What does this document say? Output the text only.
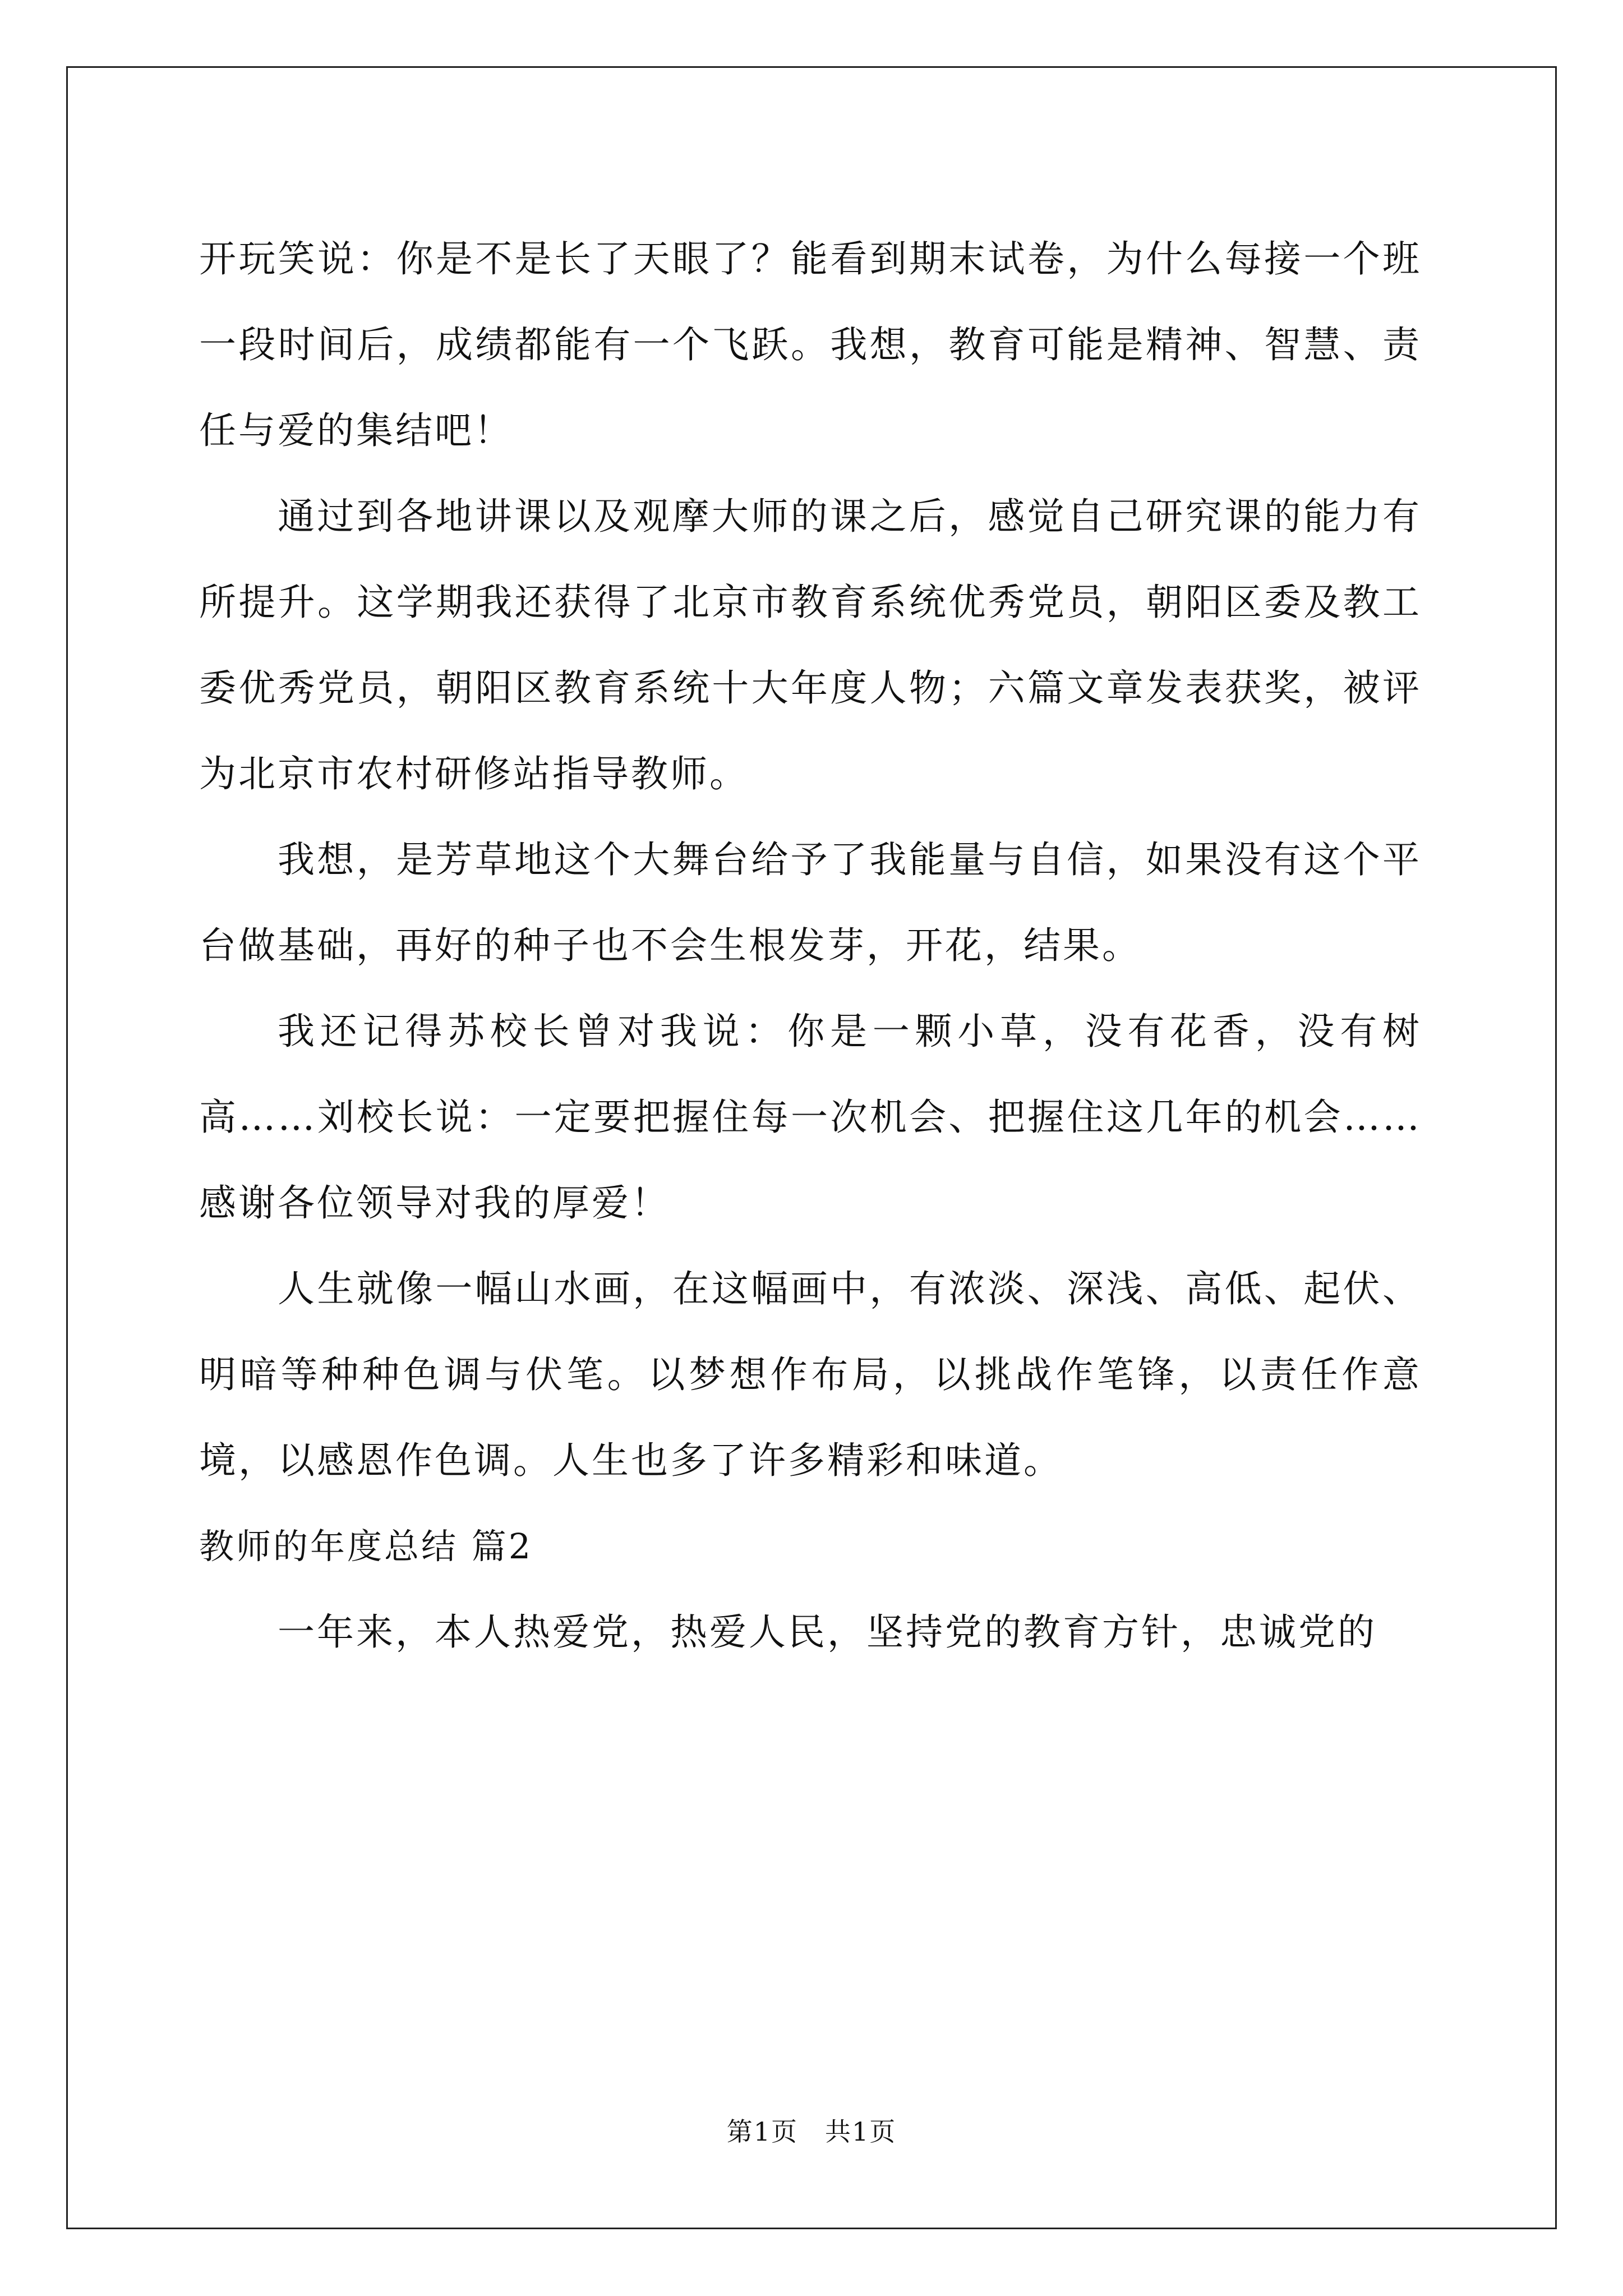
开玩笑说：你是不是长了天眼了？能看到期末试卷，为什么每接一个班一段时间后，成绩都能有一个飞跃。我想，教育可能是精神、智慧、责任与爱的集结吧！

通过到各地讲课以及观摩大师的课之后，感觉自己研究课的能力有所提升。这学期我还获得了北京市教育系统优秀党员，朝阳区委及教工委优秀党员，朝阳区教育系统十大年度人物；六篇文章发表获奖，被评为北京市农村研修站指导教师。

我想，是芳草地这个大舞台给予了我能量与自信，如果没有这个平台做基础，再好的种子也不会生根发芽，开花，结果。

我还记得苏校长曾对我说：你是一颗小草，没有花香，没有树高……刘校长说：一定要把握住每一次机会、把握住这几年的机会……感谢各位领导对我的厚爱！

人生就像一幅山水画，在这幅画中，有浓淡、深浅、高低、起伏、明暗等种种色调与伏笔。以梦想作布局，以挑战作笔锋，以责任作意境，以感恩作色调。人生也多了许多精彩和味道。

教师的年度总结 篇2

一年来，本人热爱党，热爱人民，坚持党的教育方针，忠诚党的

第1页　共1页
